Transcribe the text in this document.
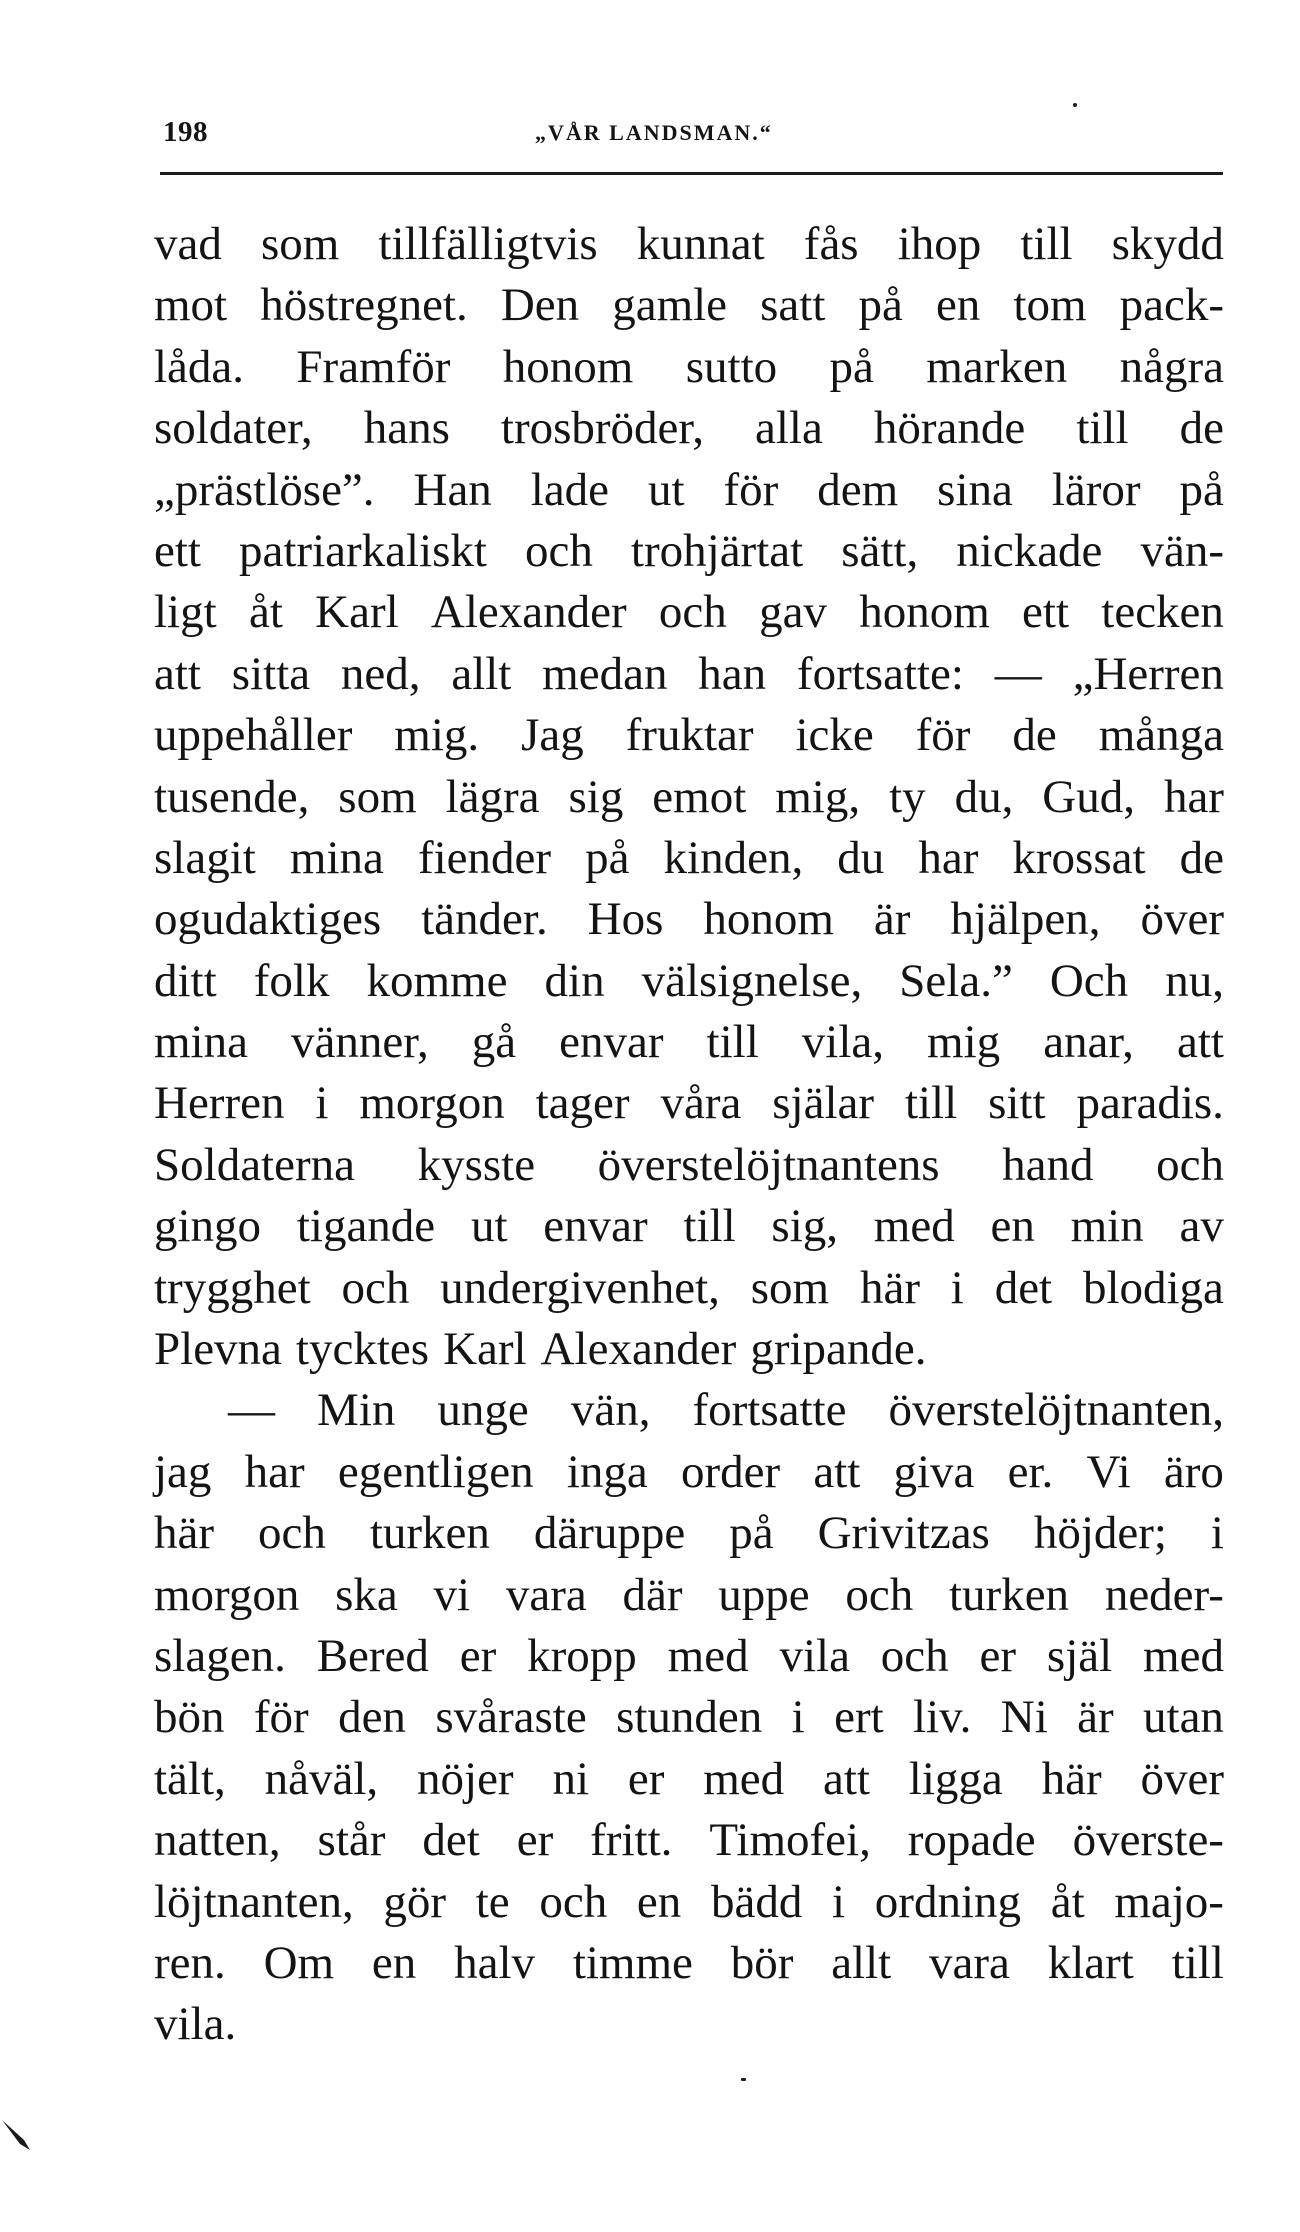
198	„VÅR LANDSMAN.“
vad som tillfälligtvis kunnat fås ihop till skydd
mot höstregnet. Den gamle satt på en tom pack-
låda. Framför honom sutto på marken några
soldater, hans trosbröder, alla hörande till de
„prästlöse”. Han lade ut för dem sina läror på
ett patriarkaliskt och trohjärtat sätt, nickade vän-
ligt åt Karl Alexander och gav honom ett tecken
att sitta ned, allt medan han fortsatte: — „Herren
uppehåller mig. Jag fruktar icke för de många
tusende, som lägra sig emot mig, ty du, Gud, har
slagit mina fiender på kinden, du har krossat de
ogudaktiges tänder. Hos honom är hjälpen, över
ditt folk komme din välsignelse, Sela.” Och nu,
mina vänner, gå envar till vila, mig anar, att
Herren i morgon tager våra själar till sitt paradis.
Soldaterna kysste överstelöjtnantens hand och
gingo tigande ut envar till sig, med en min av
trygghet och undergivenhet, som här i det blodiga
Plevna tycktes Karl Alexander gripande.
— Min unge vän, fortsatte överstelöjtnanten,
jag har egentligen inga order att giva er. Vi äro
här och turken däruppe på Grivitzas höjder; i
morgon ska vi vara där uppe och turken neder-
slagen. Bered er kropp med vila och er själ med
bön för den svåraste stunden i ert liv. Ni är utan
tält, nåväl, nöjer ni er med att ligga här över
natten, står det er fritt. Timofei, ropade överste-
löjtnanten, gör te och en bädd i ordning åt majo-
ren. Om en halv timme bör allt vara klart till
vila.
